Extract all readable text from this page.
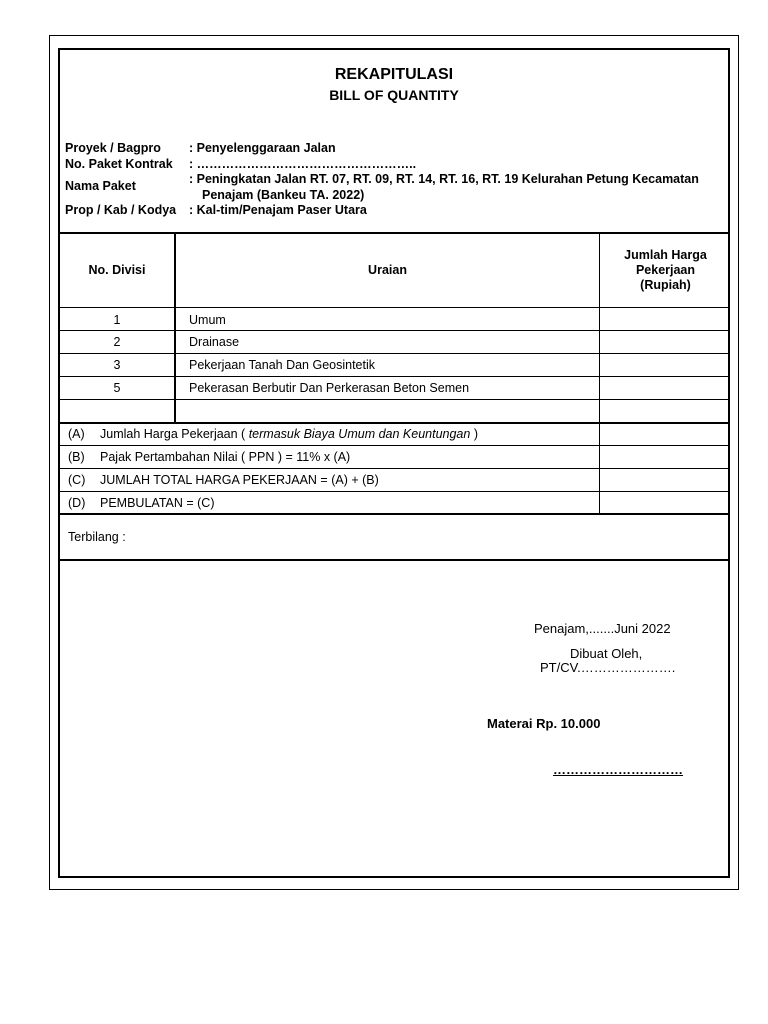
REKAPITULASI
BILL OF QUANTITY
Proyek / Bagpro : Penyelenggaraan Jalan
No. Paket Kontrak : ……………………………………………..
Nama Paket	: Peningkatan Jalan RT. 07, RT. 09, RT. 14, RT. 16, RT. 19 Kelurahan Petung Kecamatan
Penajam (Bankeu TA. 2022)
Prop / Kab / Kodya : Kal-tim/Penajam Paser Utara
No. Divisi	Uraian
Jumlah Harga
Pekerjaan
(Rupiah)
1	Umum
2	Drainase
3	Pekerjaan Tanah Dan Geosintetik
5	Pekerasan Berbutir Dan Perkerasan Beton Semen
(A) Jumlah Harga Pekerjaan ( termasuk Biaya Umum dan Keuntungan )
(B) Pajak Pertambahan Nilai ( PPN ) = 11% x (A)
(C) JUMLAH TOTAL HARGA PEKERJAAN = (A) + (B)
(D) PEMBULATAN = (C)
Terbilang :
Penajam,.......Juni 2022
Dibuat Oleh,
PT/CV.………………….
Materai Rp. 10.000
…………………………
